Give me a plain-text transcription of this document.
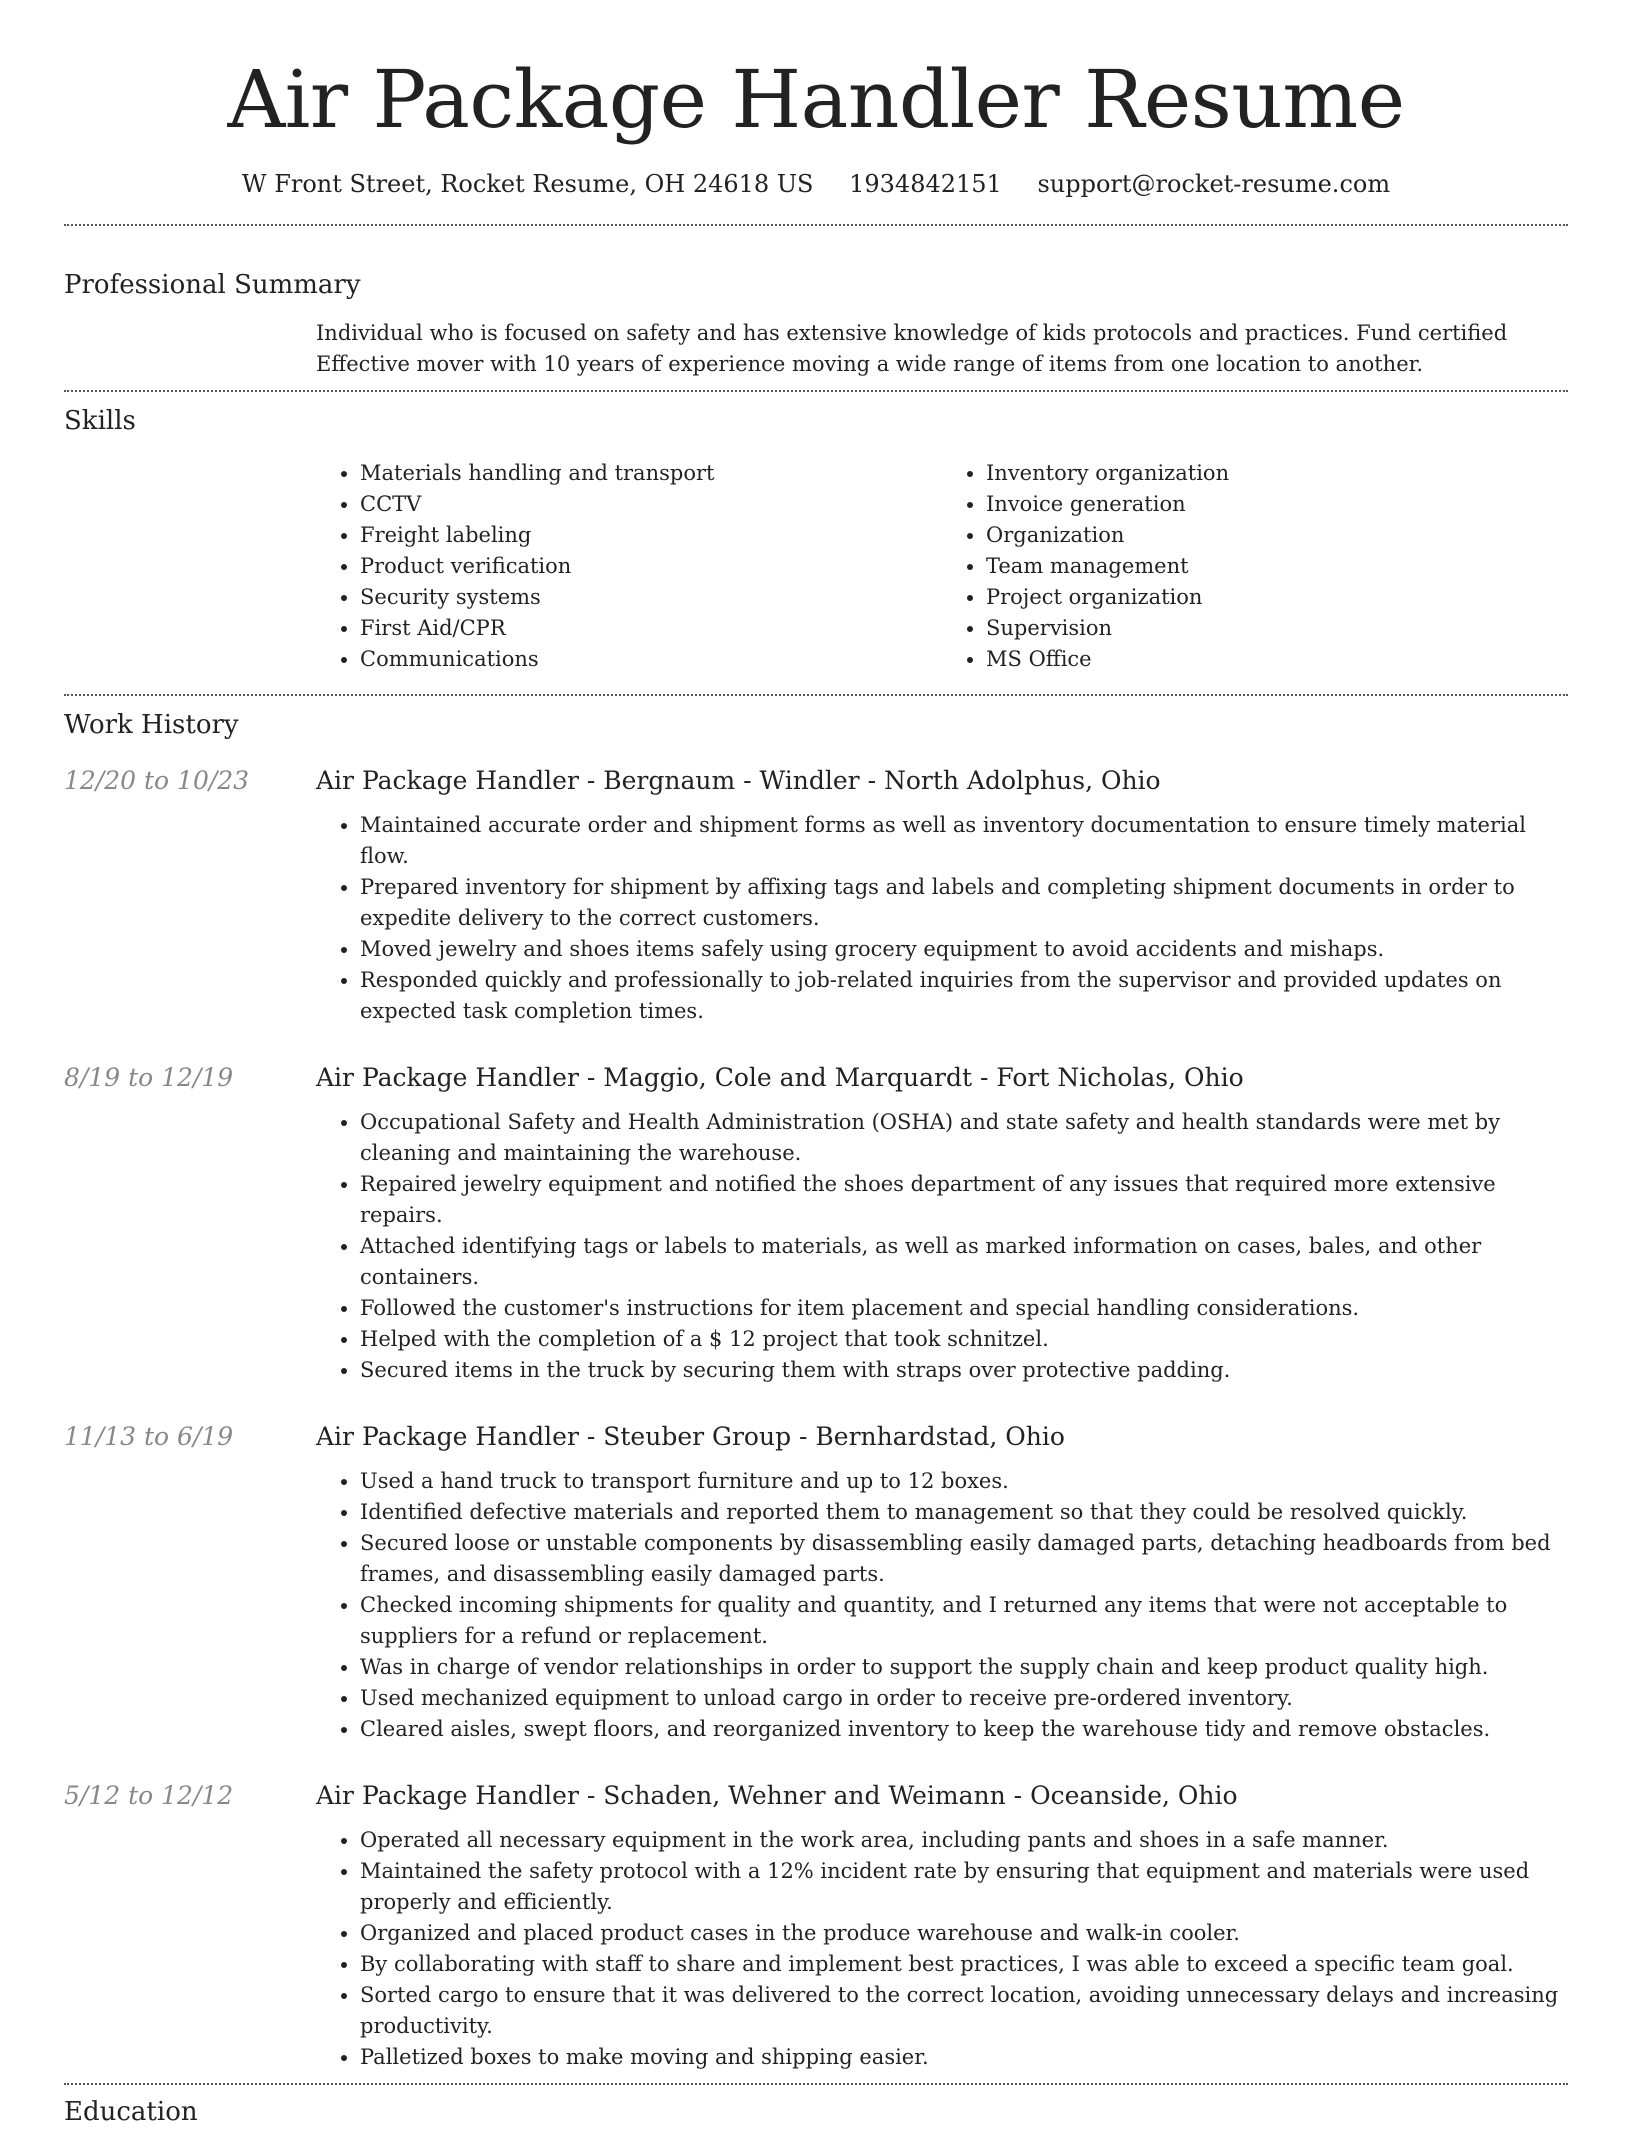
Air Package Handler Resume
W Front Street, Rocket Resume, OH 24618 US 1934842151 support@rocket-resume.com
Professional Summary
Individual who is focused on safety and has extensive knowledge of kids protocols and practices. Fund certified Effective mover with 10 years of experience moving a wide range of items from one location to another.
Skills
• Materials handling and transport
• CCTV
• Freight labeling
• Product verification
• Security systems
• First Aid/CPR
• Communications
• Inventory organization
• Invoice generation
• Organization
• Team management
• Project organization
• Supervision
• MS Office
Work History
12/20 to 10/23	Air Package Handler - Bergnaum - Windler - North Adolphus, Ohio
• Maintained accurate order and shipment forms as well as inventory documentation to ensure timely material flow.
• Prepared inventory for shipment by affixing tags and labels and completing shipment documents in order to expedite delivery to the correct customers.
• Moved jewelry and shoes items safely using grocery equipment to avoid accidents and mishaps.
• Responded quickly and professionally to job-related inquiries from the supervisor and provided updates on expected task completion times.
8/19 to 12/19	Air Package Handler - Maggio, Cole and Marquardt - Fort Nicholas, Ohio
• Occupational Safety and Health Administration (OSHA) and state safety and health standards were met by cleaning and maintaining the warehouse.
• Repaired jewelry equipment and notified the shoes department of any issues that required more extensive repairs.
• Attached identifying tags or labels to materials, as well as marked information on cases, bales, and other containers.
• Followed the customer's instructions for item placement and special handling considerations.
• Helped with the completion of a $ 12 project that took schnitzel.
• Secured items in the truck by securing them with straps over protective padding.
11/13 to 6/19	Air Package Handler - Steuber Group - Bernhardstad, Ohio
• Used a hand truck to transport furniture and up to 12 boxes.
• Identified defective materials and reported them to management so that they could be resolved quickly.
• Secured loose or unstable components by disassembling easily damaged parts, detaching headboards from bed frames, and disassembling easily damaged parts.
• Checked incoming shipments for quality and quantity, and I returned any items that were not acceptable to suppliers for a refund or replacement.
• Was in charge of vendor relationships in order to support the supply chain and keep product quality high.
• Used mechanized equipment to unload cargo in order to receive pre-ordered inventory.
• Cleared aisles, swept floors, and reorganized inventory to keep the warehouse tidy and remove obstacles.
5/12 to 12/12	Air Package Handler - Schaden, Wehner and Weimann - Oceanside, Ohio
• Operated all necessary equipment in the work area, including pants and shoes in a safe manner.
• Maintained the safety protocol with a 12% incident rate by ensuring that equipment and materials were used properly and efficiently.
• Organized and placed product cases in the produce warehouse and walk-in cooler.
• By collaborating with staff to share and implement best practices, I was able to exceed a specific team goal.
• Sorted cargo to ensure that it was delivered to the correct location, avoiding unnecessary delays and increasing productivity.
• Palletized boxes to make moving and shipping easier.
Education
